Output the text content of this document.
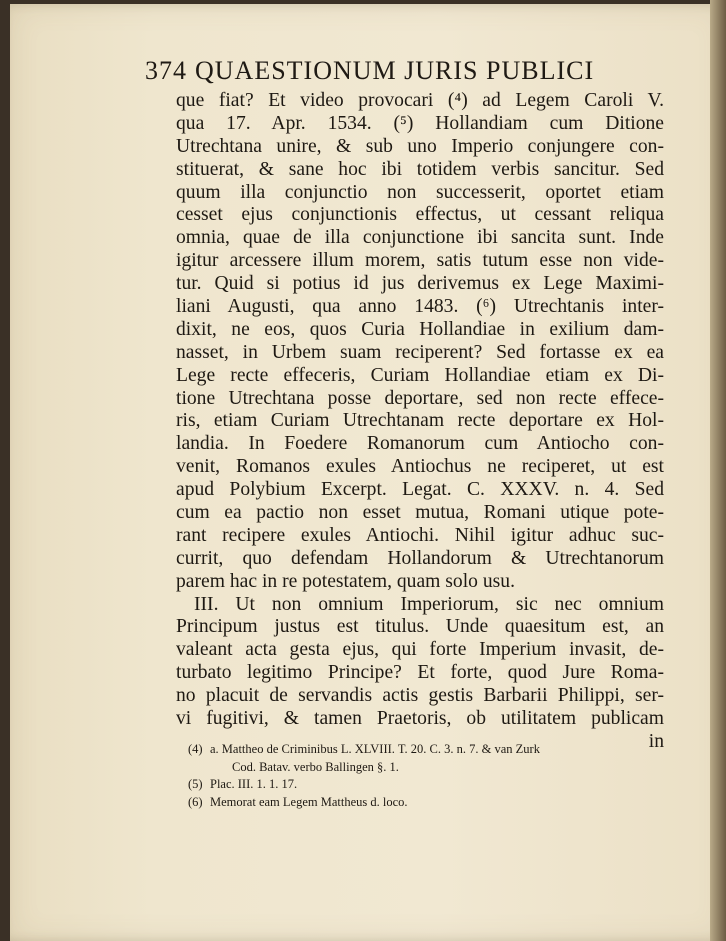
374 QUAESTIONUM JURIS PUBLICI
que fiat? Et video provocari (⁴) ad Legem Caroli V.
qua 17. Apr. 1534. (⁵) Hollandiam cum Ditione
Utrechtana unire, & sub uno Imperio conjungere con-
stituerat, & sane hoc ibi totidem verbis sancitur. Sed
quum illa conjunctio non successerit, oportet etiam
cesset ejus conjunctionis effectus, ut cessant reliqua
omnia, quae de illa conjunctione ibi sancita sunt. Inde
igitur arcessere illum morem, satis tutum esse non vide-
tur. Quid si potius id jus derivemus ex Lege Maximi-
liani Augusti, qua anno 1483. (⁶) Utrechtanis inter-
dixit, ne eos, quos Curia Hollandiae in exilium dam-
nasset, in Urbem suam reciperent? Sed fortasse ex ea
Lege recte effeceris, Curiam Hollandiae etiam ex Di-
tione Utrechtana posse deportare, sed non recte effece-
ris, etiam Curiam Utrechtanam recte deportare ex Hol-
landia. In Foedere Romanorum cum Antiocho con-
venit, Romanos exules Antiochus ne reciperet, ut est
apud Polybium Excerpt. Legat. C. XXXV. n. 4. Sed
cum ea pactio non esset mutua, Romani utique pote-
rant recipere exules Antiochi. Nihil igitur adhuc suc-
currit, quo defendam Hollandorum & Utrechtanorum
parem hac in re potestatem, quam solo usu.
III. Ut non omnium Imperiorum, sic nec omnium
Principum justus est titulus. Unde quaesitum est, an
valeant acta gesta ejus, qui forte Imperium invasit, de-
turbato legitimo Principe? Et forte, quod Jure Roma-
no placuit de servandis actis gestis Barbarii Philippi, ser-
vi fugitivi, & tamen Praetoris, ob utilitatem publicam
in
(4) a. Mattheo de Criminibus L. XLVIII. T. 20. C. 3. n. 7. & van Zurk
Cod. Batav. verbo Ballingen §. 1.
(5) Plac. III. 1. 1. 17.
(6) Memorat eam Legem Mattheus d. loco.
